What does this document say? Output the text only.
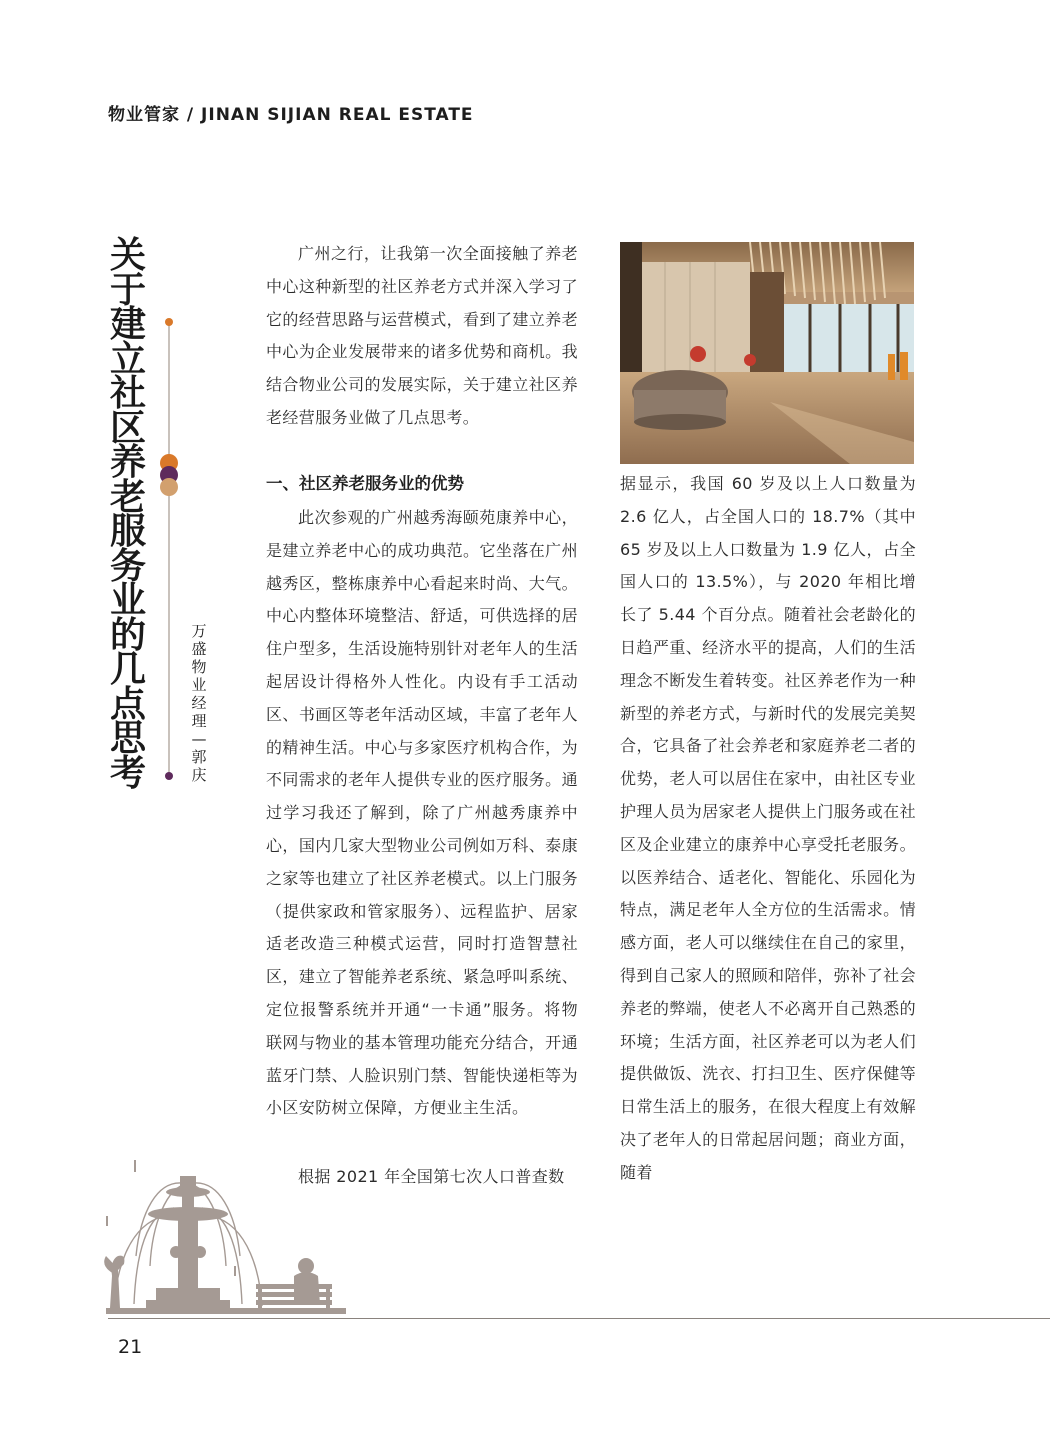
物业管家 / JINAN SIJIAN REAL ESTATE
关于建立社区养老服务业的几点思考
万盛物业经理—郭庆

广州之行，让我第一次全面接触了养老中心这种新型的社区养老方式并深入学习了它的经营思路与运营模式，看到了建立养老中心为企业发展带来的诸多优势和商机。我结合物业公司的发展实际，关于建立社区养老经营服务业做了几点思考。

一、社区养老服务业的优势

此次参观的广州越秀海颐苑康养中心，是建立养老中心的成功典范。它坐落在广州越秀区，整栋康养中心看起来时尚、大气。中心内整体环境整洁、舒适，可供选择的居住户型多，生活设施特别针对老年人的生活起居设计得格外人性化。内设有手工活动区、书画区等老年活动区域，丰富了老年人的精神生活。中心与多家医疗机构合作，为不同需求的老年人提供专业的医疗服务。通过学习我还了解到，除了广州越秀康养中心，国内几家大型物业公司例如万科、泰康之家等也建立了社区养老模式。以上门服务（提供家政和管家服务）、远程监护、居家适老改造三种模式运营，同时打造智慧社区，建立了智能养老系统、紧急呼叫系统、定位报警系统并开通“一卡通”服务。将物联网与物业的基本管理功能充分结合，开通蓝牙门禁、人脸识别门禁、智能快递柜等为小区安防树立保障，方便业主生活。

根据 2021 年全国第七次人口普查数

据显示，我国 60 岁及以上人口数量为 2.6 亿人，占全国人口的 18.7%（其中 65 岁及以上人口数量为 1.9 亿人，占全国人口的 13.5%），与 2020 年相比增长了 5.44 个百分点。随着社会老龄化的日趋严重、经济水平的提高，人们的生活理念不断发生着转变。社区养老作为一种新型的养老方式，与新时代的发展完美契合，它具备了社会养老和家庭养老二者的优势，老人可以居住在家中，由社区专业护理人员为居家老人提供上门服务或在社区及企业建立的康养中心享受托老服务。以医养结合、适老化、智能化、乐园化为特点，满足老年人全方位的生活需求。情感方面，老人可以继续住在自己的家里，得到自己家人的照顾和陪伴，弥补了社会养老的弊端，使老人不必离开自己熟悉的环境；生活方面，社区养老可以为老人们提供做饭、洗衣、打扫卫生、医疗保健等日常生活上的服务，在很大程度上有效解决了老年人的日常起居问题；商业方面，随着

21
